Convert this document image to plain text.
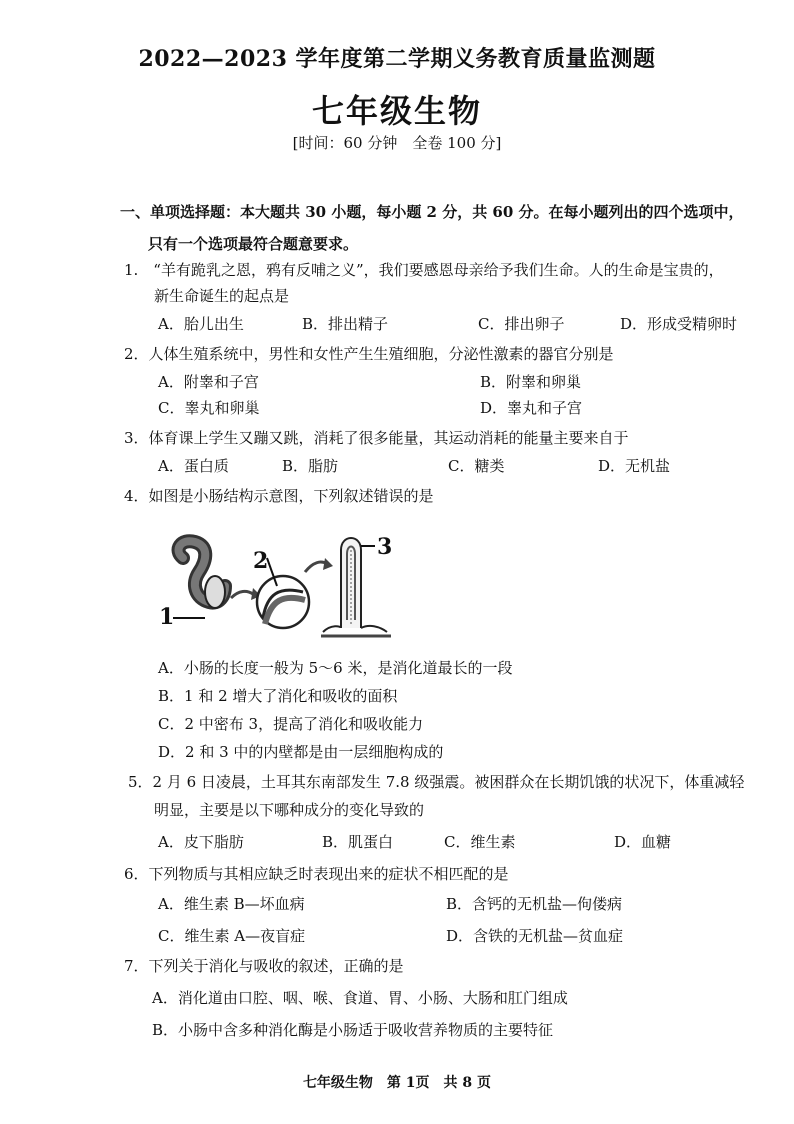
2022—2023 学年度第二学期义务教育质量监测题
七年级生物
[时间：60 分钟　全卷 100 分]
一、单项选择题：本大题共 30 小题，每小题 2 分，共 60 分。在每小题列出的四个选项中，
只有一个选项最符合题意要求。
1.　“羊有跪乳之恩，鸦有反哺之义”，我们要感恩母亲给予我们生命。人的生命是宝贵的，
新生命诞生的起点是
A．胎儿出生	B．排出精子	C．排出卵子	D．形成受精卵时
2．人体生殖系统中，男性和女性产生生殖细胞，分泌性激素的器官分别是
A．附睾和子宫	B．附睾和卵巢
C．睾丸和卵巢	D．睾丸和子宫
3．体育课上学生又蹦又跳，消耗了很多能量，其运动消耗的能量主要来自于
A．蛋白质	B．脂肪	C．糖类	D．无机盐
4．如图是小肠结构示意图，下列叙述错误的是
1
2
3
A．小肠的长度一般为 5～6 米，是消化道最长的一段
B．1 和 2 增大了消化和吸收的面积
C．2 中密布 3，提高了消化和吸收能力
D．2 和 3 中的内壁都是由一层细胞构成的
5．2 月 6 日凌晨，土耳其东南部发生 7.8 级强震。被困群众在长期饥饿的状况下，体重减轻
明显，主要是以下哪种成分的变化导致的
A．皮下脂肪	B．肌蛋白	C．维生素	D．血糖
6．下列物质与其相应缺乏时表现出来的症状不相匹配的是
A．维生素 B—坏血病	B．含钙的无机盐—佝偻病
C．维生素 A—夜盲症	D．含铁的无机盐—贫血症
7．下列关于消化与吸收的叙述，正确的是
A．消化道由口腔、咽、喉、食道、胃、小肠、大肠和肛门组成
B．小肠中含多种消化酶是小肠适于吸收营养物质的主要特征
七年级生物　第 1页　共 8 页
